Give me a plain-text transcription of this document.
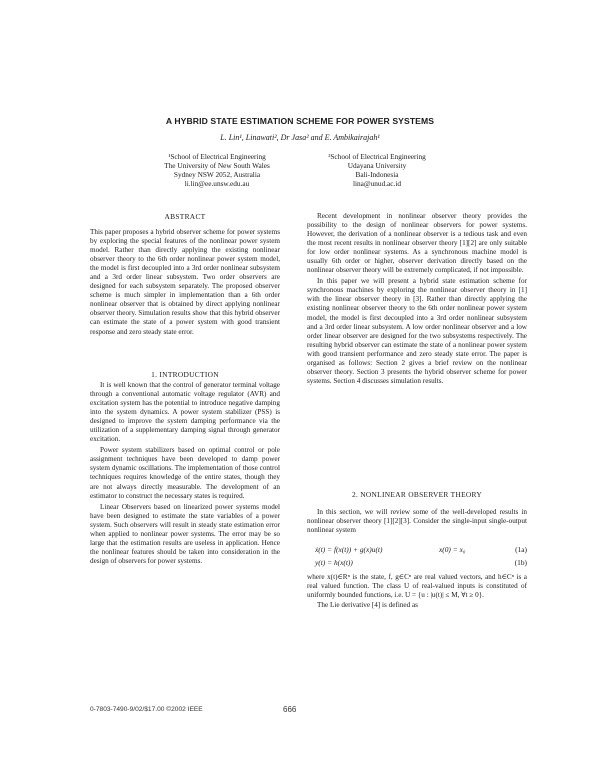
A HYBRID STATE ESTIMATION SCHEME FOR POWER SYSTEMS
L. Lin¹, Linawati², Dr Jasa² and E. Ambikairajah¹
¹School of Electrical Engineering
The University of New South Wales
Sydney NSW 2052, Australia
li.lin@ee.unsw.edu.au
²School of Electrical Engineering
Udayana University
Bali-Indonesia
lina@unud.ac.id
ABSTRACT

This paper proposes a hybrid observer scheme for power systems by exploring the special features of the nonlinear power system model. Rather than directly applying the existing nonlinear observer theory to the 6th order nonlinear power system model, the model is first decoupled into a 3rd order nonlinear subsystem and a 3rd order linear subsystem. Two order observers are designed for each subsystem separately. The proposed observer scheme is much simpler in implementation than a 6th order nonlinear observer that is obtained by direct applying nonlinear observer theory. Simulation results show that this hybrid observer can estimate the state of a power system with good transient response and zero steady state error.

1. INTRODUCTION

It is well known that the control of generator terminal voltage through a conventional automatic voltage regulator (AVR) and excitation system has the potential to introduce negative damping into the system dynamics. A power system stabilizer (PSS) is designed to improve the system damping performance via the utilization of a supplementary damping signal through generator excitation.

Power system stabilizers based on optimal control or pole assignment techniques have been developed to damp power system dynamic oscillations. The implementation of those control techniques requires knowledge of the entire states, though they are not always directly measurable. The development of an estimator to construct the necessary states is required.

Linear Observers based on linearized power systems model have been designed to estimate the state variables of a power system. Such observers will result in steady state estimation error when applied to nonlinear power systems. The error may be so large that the estimation results are useless in application. Hence the nonlinear features should be taken into consideration in the design of observers for power systems.

Recent development in nonlinear observer theory provides the possibility to the design of nonlinear observers for power systems. However, the derivation of a nonlinear observer is a tedious task and even the most recent results in nonlinear observer theory [1][2] are only suitable for low order nonlinear systems. As a synchronous machine model is usually 6th order or higher, observer derivation directly based on the nonlinear observer theory will be extremely complicated, if not impossible.

In this paper we will present a hybrid state estimation scheme for synchronous machines by exploring the nonlinear observer theory in [1] with the linear observer theory in [3]. Rather than directly applying the existing nonlinear observer theory to the 6th order nonlinear power system model, the model is first decoupled into a 3rd order nonlinear subsystem and a 3rd order linear subsystem. A low order nonlinear observer and a low order linear observer are designed for the two subsystems respectively. The resulting hybrid observer can estimate the state of a nonlinear power system with good transient performance and zero steady state error. The paper is organised as follows: Section 2 gives a brief review on the nonlinear observer theory. Section 3 presents the hybrid observer scheme for power systems. Section 4 discusses simulation results.

2. NONLINEAR OBSERVER THEORY

In this section, we will review some of the well-developed results in nonlinear observer theory [1][2][3]. Consider the single-input single-output nonlinear system

ẋ(t) = f(x(t)) + g(x)u(t)	x(0) = x₀	(1a)
y(t) = h(x(t))	(1b)

where x(t)∈Rⁿ is the state, f, g∈Cⁿ are real valued vectors, and h∈Cⁿ is a real valued function. The class U of real-valued inputs is constituted of uniformly bounded functions, i.e. U = {u : |u(t)| ≤ M, ∀t ≥ 0}.

The Lie derivative [4] is defined as

0-7803-7490-9/02/$17.00 ©2002 IEEE	666
